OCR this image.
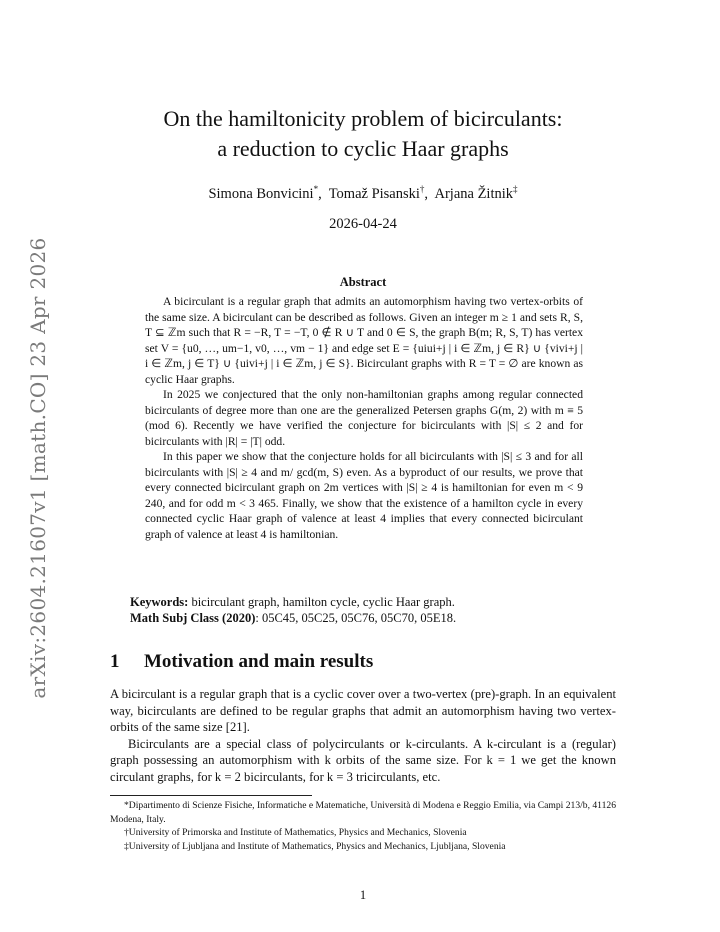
arXiv:2604.21607v1 [math.CO] 23 Apr 2026
On the hamiltonicity problem of bicirculants:
a reduction to cyclic Haar graphs
Simona Bonvicini*,  Tomaž Pisanski†,  Arjana Žitnik‡
2026-04-24
Abstract

A bicirculant is a regular graph that admits an automorphism having two vertex-orbits of the same size. A bicirculant can be described as follows. Given an integer m ≥ 1 and sets R, S, T ⊆ ℤm such that R = −R, T = −T, 0 ∉ R ∪ T and 0 ∈ S, the graph B(m; R, S, T) has vertex set V = {u0, …, um−1, v0, …, vm − 1} and edge set E = {uiui+j | i ∈ ℤm, j ∈ R} ∪ {vivi+j | i ∈ ℤm, j ∈ T} ∪ {uivi+j | i ∈ ℤm, j ∈ S}. Bicirculant graphs with R = T = ∅ are known as cyclic Haar graphs.

In 2025 we conjectured that the only non-hamiltonian graphs among regular connected bicirculants of degree more than one are the generalized Petersen graphs G(m, 2) with m ≡ 5 (mod 6). Recently we have verified the conjecture for bicirculants with |S| ≤ 2 and for bicirculants with |R| = |T| odd.

In this paper we show that the conjecture holds for all bicirculants with |S| ≤ 3 and for all bicirculants with |S| ≥ 4 and m/ gcd(m, S) even. As a byproduct of our results, we prove that every connected bicirculant graph on 2m vertices with |S| ≥ 4 is hamiltonian for even m < 9 240, and for odd m < 3 465. Finally, we show that the existence of a hamilton cycle in every connected cyclic Haar graph of valence at least 4 implies that every connected bicirculant graph of valence at least 4 is hamiltonian.

Keywords: bicirculant graph, hamilton cycle, cyclic Haar graph.
Math Subj Class (2020): 05C45, 05C25, 05C76, 05C70, 05E18.
1 Motivation and main results

A bicirculant is a regular graph that is a cyclic cover over a two-vertex (pre)-graph. In an equivalent way, bicirculants are defined to be regular graphs that admit an automorphism having two vertex-orbits of the same size [21].

Bicirculants are a special class of polycirculants or k-circulants. A k-circulant is a (regular) graph possessing an automorphism with k orbits of the same size. For k = 1 we get the known circulant graphs, for k = 2 bicirculants, for k = 3 tricirculants, etc.

*Dipartimento di Scienze Fisiche, Informatiche e Matematiche, Università di Modena e Reggio Emilia, via Campi 213/b, 41126 Modena, Italy.

†University of Primorska and Institute of Mathematics, Physics and Mechanics, Slovenia

‡University of Ljubljana and Institute of Mathematics, Physics and Mechanics, Ljubljana, Slovenia

1
